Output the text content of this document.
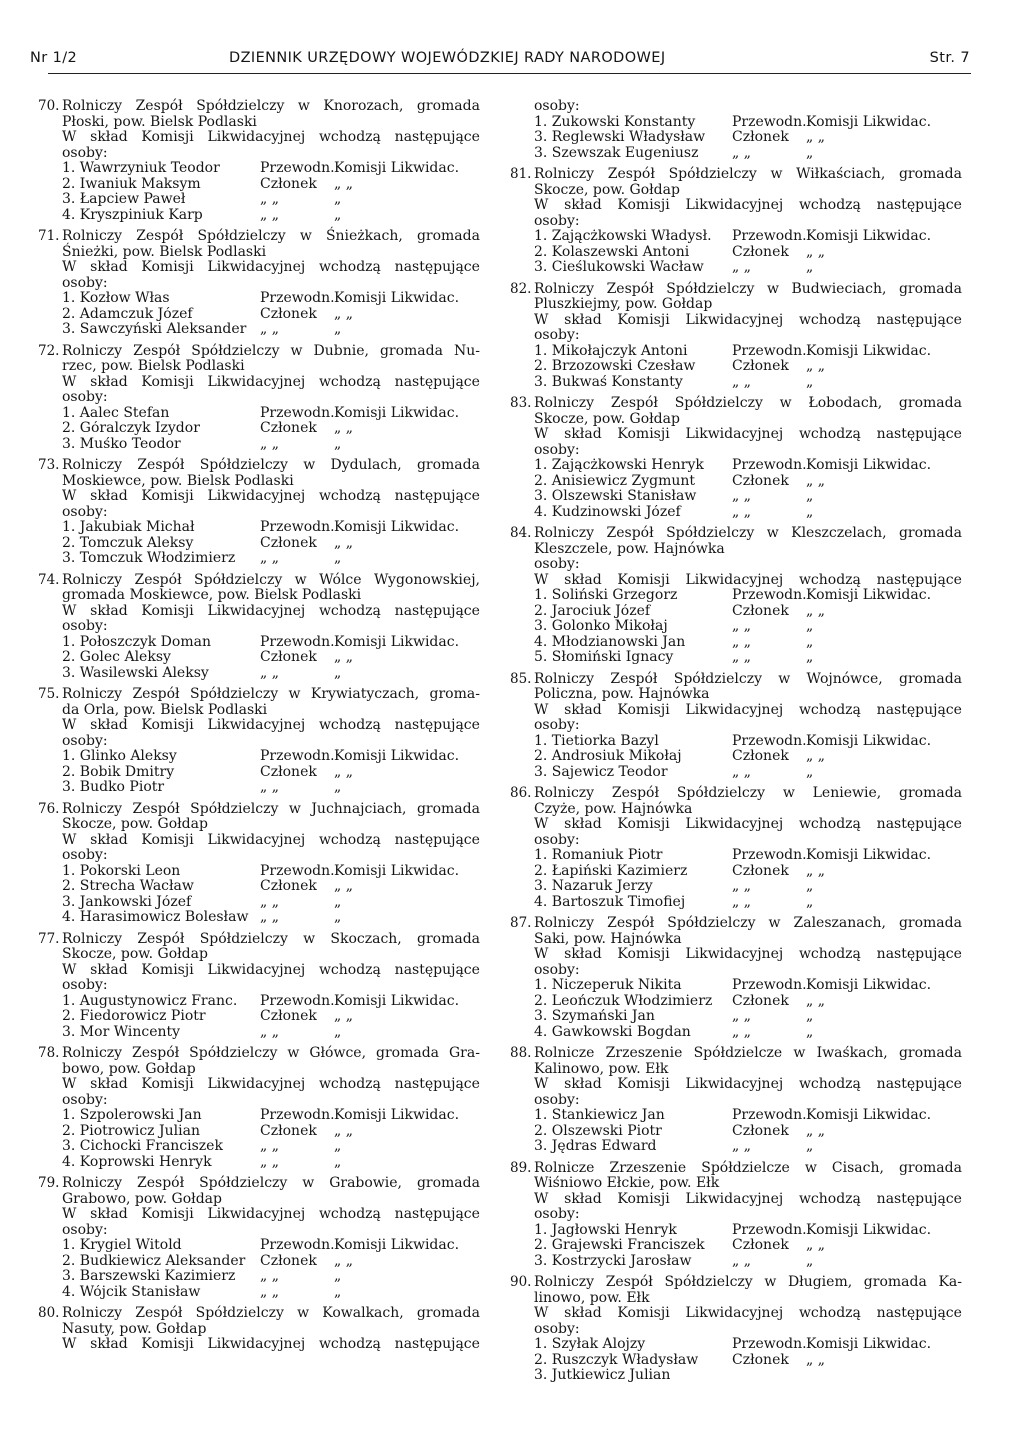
Nr 1/2	DZIENNIK URZĘDOWY WOJEWÓDZKIEJ RADY NARODOWEJ	Str. 7
70. Rolniczy Zespół Spółdzielczy w Knorozach, gromada
Płoski, pow. Bielsk Podlaski
W skład Komisji Likwidacyjnej wchodzą następujące
osoby:
1. Wawrzyniuk Teodor	Przewodn. Komisji Likwidac.
2. Iwaniuk Maksym	Członek	„ „
3. Łapciew Paweł	„ „	„
4. Kryszpiniuk Karp	„ „	„
71. Rolniczy Zespół Spółdzielczy w Śnieżkach, gromada
Śnieżki, pow. Bielsk Podlaski
W skład Komisji Likwidacyjnej wchodzą następujące
osoby:
1. Kozłow Włas	Przewodn. Komisji Likwidac.
2. Adamczuk Józef	Członek	„ „
3. Sawczyński Aleksander „ „	„
72. Rolniczy Zespół Spółdzielczy w Dubnie, gromada Nu-
rzec, pow. Bielsk Podlaski
W skład Komisji Likwidacyjnej wchodzą następujące
osoby:
1. Aalec Stefan	Przewodn. Komisji Likwidac.
2. Góralczyk Izydor	Członek	„ „
3. Muśko Teodor	„ „	„
73. Rolniczy Zespół Spółdzielczy w Dydulach, gromada
Moskiewce, pow. Bielsk Podlaski
W skład Komisji Likwidacyjnej wchodzą następujące
osoby:
1. Jakubiak Michał	Przewodn. Komisji Likwidac.
2. Tomczuk Aleksy	Członek	„ „
3. Tomczuk Włodzimierz	„ „	„
74. Rolniczy Zespół Spółdzielczy w Wólce Wygonowskiej,
gromada Moskiewce, pow. Bielsk Podlaski
W skład Komisji Likwidacyjnej wchodzą następujące
osoby:
1. Połoszczyk Doman	Przewodn. Komisji Likwidac.
2. Golec Aleksy	Członek	„ „
3. Wasilewski Aleksy	„ „	„
75. Rolniczy Zespół Spółdzielczy w Krywiatyczach, groma-
da Orla, pow. Bielsk Podlaski
W skład Komisji Likwidacyjnej wchodzą następujące
osoby:
1. Glinko Aleksy	Przewodn. Komisji Likwidac.
2. Bobik Dmitry	Członek	„ „
3. Budko Piotr	„ „	„
76. Rolniczy Zespół Spółdzielczy w Juchnajciach, gromada
Skocze, pow. Gołdap
W skład Komisji Likwidacyjnej wchodzą następujące
osoby:
1. Pokorski Leon	Przewodn. Komisji Likwidac.
2. Strecha Wacław	Członek	„ „
3. Jankowski Józef	„ „	„
4. Harasimowicz Bolesław „ „	„
77. Rolniczy Zespół Spółdzielczy w Skoczach, gromada
Skocze, pow. Gołdap
W skład Komisji Likwidacyjnej wchodzą następujące
osoby:
1. Augustynowicz Franc.	Przewodn. Komisji Likwidac.
2. Fiedorowicz Piotr	Członek	„ „
3. Mor Wincenty	„ „	„
78. Rolniczy Zespół Spółdzielczy w Główce, gromada Gra-
bowo, pow. Gołdap
W skład Komisji Likwidacyjnej wchodzą następujące
osoby:
1. Szpolerowski Jan	Przewodn. Komisji Likwidac.
2. Piotrowicz Julian	Członek	„ „
3. Cichocki Franciszek	„ „	„
4. Koprowski Henryk	„ „	„
79. Rolniczy Zespół Spółdzielczy w Grabowie, gromada
Grabowo, pow. Gołdap
W skład Komisji Likwidacyjnej wchodzą następujące
osoby:
1. Krygiel Witold	Przewodn. Komisji Likwidac.
2. Budkiewicz Aleksander	Członek	„ „
3. Barszewski Kazimierz	„ „	„
4. Wójcik Stanisław	„ „	„
80. Rolniczy Zespół Spółdzielczy w Kowalkach, gromada
Nasuty, pow. Gołdap
W skład Komisji Likwidacyjnej wchodzą następujące
osoby:
1. Żukowski Konstanty	Przewodn. Komisji Likwidac.
3. Reglewski Władysław	Członek	„ „
3. Szewszak Eugeniusz	„ „	„
81. Rolniczy Zespół Spółdzielczy w Wiłkaściach, gromada
Skocze, pow. Gołdap
W skład Komisji Likwidacyjnej wchodzą następujące
osoby:
1. Zającżkowski Władysł.	Przewodn. Komisji Likwidac.
2. Kolaszewski Antoni	Członek	„ „
3. Cieślukowski Wacław	„ „	„
82. Rolniczy Zespół Spółdzielczy w Budwieciach, gromada
Pluszkiejmy, pow. Gołdap
W skład Komisji Likwidacyjnej wchodzą następujące
osoby:
1. Mikołajczyk Antoni	Przewodn. Komisji Likwidac.
2. Brzozowski Czesław	Członek	„ „
3. Bukwaś Konstanty	„ „	„
83. Rolniczy Zespół Spółdzielczy w Łobodach, gromada
Skocze, pow. Gołdap
W skład Komisji Likwidacyjnej wchodzą następujące
osoby:
1. Zającżkowski Henryk	Przewodn. Komisji Likwidac.
2. Anisiewicz Zygmunt	Członek	„ „
3. Olszewski Stanisław	„ „	„
4. Kudzinowski Józef	„ „	„
84. Rolniczy Zespół Spółdzielczy w Kleszczelach, gromada
Kleszczele, pow. Hajnówka
osoby:
W skład Komisji Likwidacyjnej wchodzą następujące
1. Soliński Grzegorz	Przewodn. Komisji Likwidac.
2. Jarociuk Józef	Członek	„ „
3. Golonko Mikołaj	„ „	„
4. Młodzianowski Jan	„ „	„
5. Słomiński Ignacy	„ „	„
85. Rolniczy Zespół Spółdzielczy w Wojnówce, gromada
Policzna, pow. Hajnówka
W skład Komisji Likwidacyjnej wchodzą następujące
osoby:
1. Tietiorka Bazyl	Przewodn. Komisji Likwidac.
2. Androsiuk Mikołaj	Członek	„ „
3. Sajewicz Teodor	„ „	„
86. Rolniczy Zespół Spółdzielczy w Leniewie, gromada
Czyże, pow. Hajnówka
W skład Komisji Likwidacyjnej wchodzą następujące
osoby:
1. Romaniuk Piotr	Przewodn. Komisji Likwidac.
2. Łapiński Kazimierz	Członek	„ „
3. Nazaruk Jerzy	„ „	„
4. Bartoszuk Timofiej	„ „	„
87. Rolniczy Zespół Spółdzielczy w Zaleszanach, gromada
Saki, pow. Hajnówka
W skład Komisji Likwidacyjnej wchodzą następujące
osoby:
1. Niczeperuk Nikita	Przewodn. Komisji Likwidac.
2. Leończuk Włodzimierz	Członek	„ „
3. Szymański Jan	„ „	„
4. Gawkowski Bogdan	„ „	„
88. Rolnicze Zrzeszenie Spółdzielcze w Iwaśkach, gromada
Kalinowo, pow. Ełk
W skład Komisji Likwidacyjnej wchodzą następujące
osoby:
1. Stankiewicz Jan	Przewodn. Komisji Likwidac.
2. Olszewski Piotr	Członek	„ „
3. Jędras Edward	„ „	„
89. Rolnicze Zrzeszenie Spółdzielcze w Cisach, gromada
Wiśniowo Ełckie, pow. Ełk
W skład Komisji Likwidacyjnej wchodzą następujące
osoby:
1. Jagłowski Henryk	Przewodn. Komisji Likwidac.
2. Grajewski Franciszek	Członek	„ „
3. Kostrzycki Jarosław	„ „	„
90. Rolniczy Zespół Spółdzielczy w Długiem, gromada Ka-
linowo, pow. Ełk
W skład Komisji Likwidacyjnej wchodzą następujące
osoby:
1. Szyłak Alojzy	Przewodn. Komisji Likwidac.
2. Ruszczyk Władysław	Członek	„ „
3. Jutkiewicz Julian
